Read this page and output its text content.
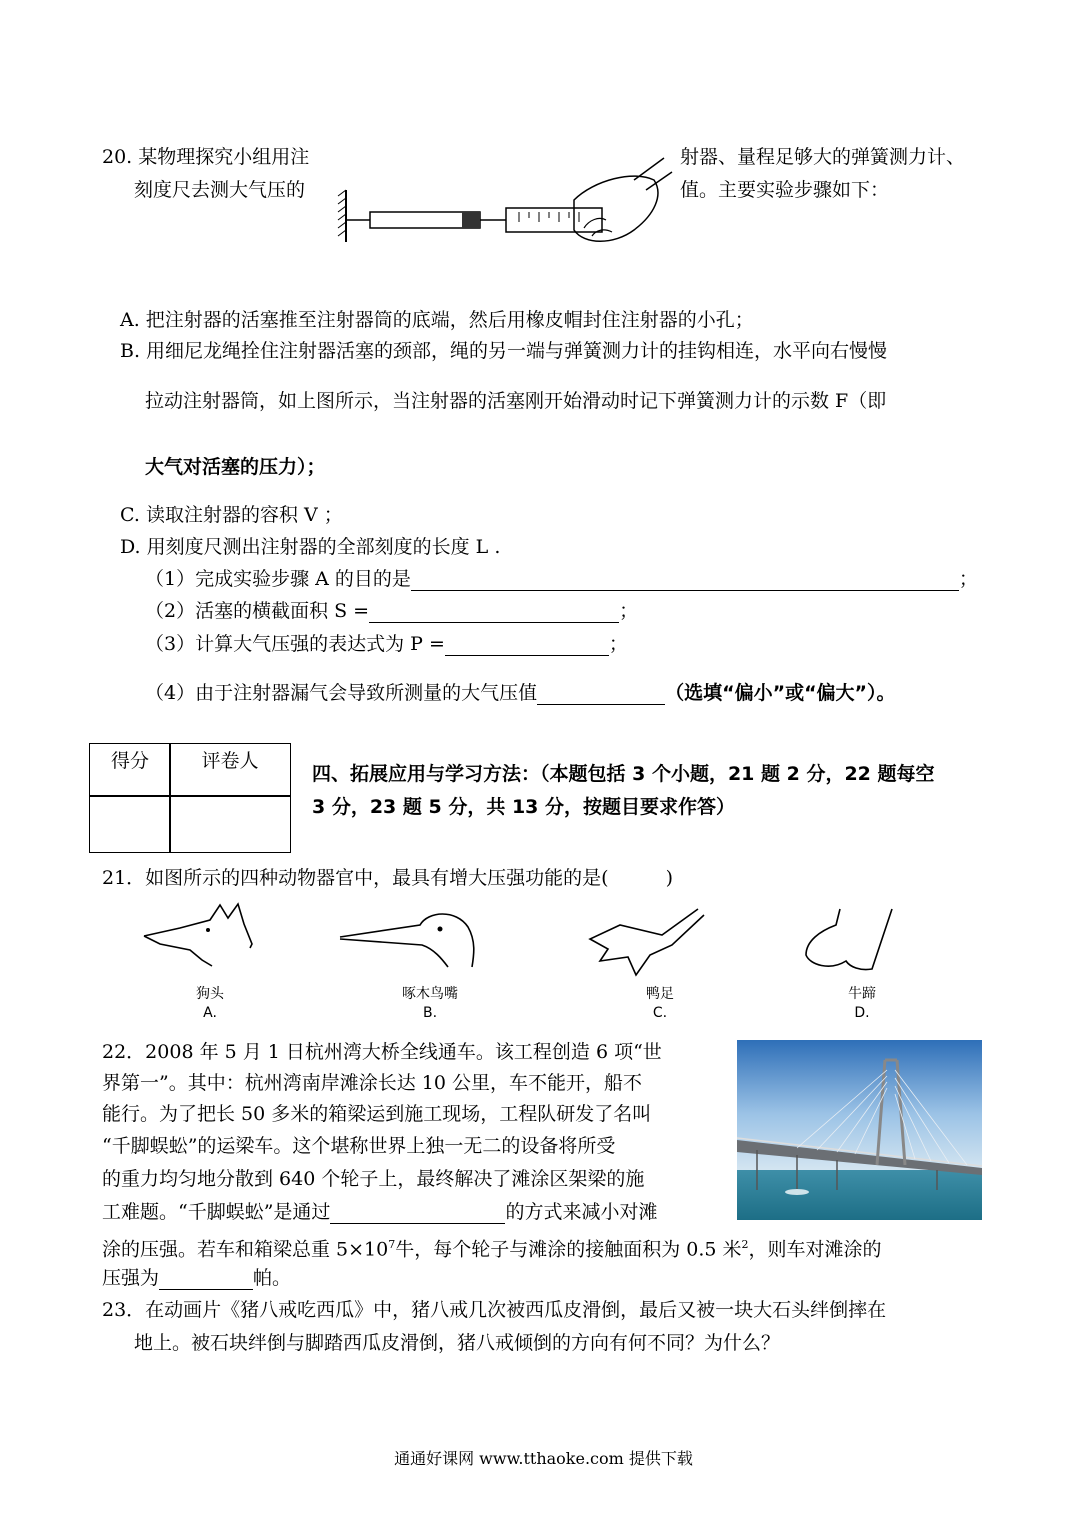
20. 某物理探究小组用注	射器、量程足够大的弹簧测力计、
刻度尺去测大气压的	值。主要实验步骤如下：
A. 把注射器的活塞推至注射器筒的底端，然后用橡皮帽封住注射器的小孔；
B. 用细尼龙绳拴住注射器活塞的颈部，绳的另一端与弹簧测力计的挂钩相连，水平向右慢慢
拉动注射器筒，如上图所示，当注射器的活塞刚开始滑动时记下弹簧测力计的示数 F（即
大气对活塞的压力）；
C. 读取注射器的容积 V ；
D. 用刻度尺测出注射器的全部刻度的长度 L .
（1）完成实验步骤 A 的目的是	；
（2）活塞的横截面积 S =	；
（3）计算大气压强的表达式为 P =	；
（4）由于注射器漏气会导致所测量的大气压值	（选填“偏小”或“偏大”）。
得分	评卷人
四、拓展应用与学习方法：（本题包括 3 个小题，21 题 2 分，22 题每空
3 分，23 题 5 分，共 13 分，按题目要求作答）
21．如图所示的四种动物器官中，最具有增大压强功能的是(　　　)
狗头
A.
啄木鸟嘴
B.
鸭足
C.
牛蹄
D.
22．2008 年 5 月 1 日杭州湾大桥全线通车。该工程创造 6 项“世
界第一”。其中：杭州湾南岸滩涂长达 10 公里，车不能开，船不
能行。为了把长 50 多米的箱梁运到施工现场，工程队研发了名叫
“千脚蜈蚣”的运梁车。这个堪称世界上独一无二的设备将所受
的重力均匀地分散到 640 个轮子上，最终解决了滩涂区架梁的施
工难题。“千脚蜈蚣”是通过	的方式来减小对滩
涂的压强。若车和箱梁总重 $5\times 10^7$牛，每个轮子与滩涂的接触面积为 0.5 米$^2$，则车对滩涂的
压强为	帕。
23．在动画片《猪八戒吃西瓜》中，猪八戒几次被西瓜皮滑倒，最后又被一块大石头绊倒摔在
地上。被石块绊倒与脚踏西瓜皮滑倒，猪八戒倾倒的方向有何不同？为什么？
通通好课网 www.tthaoke.com 提供下载
